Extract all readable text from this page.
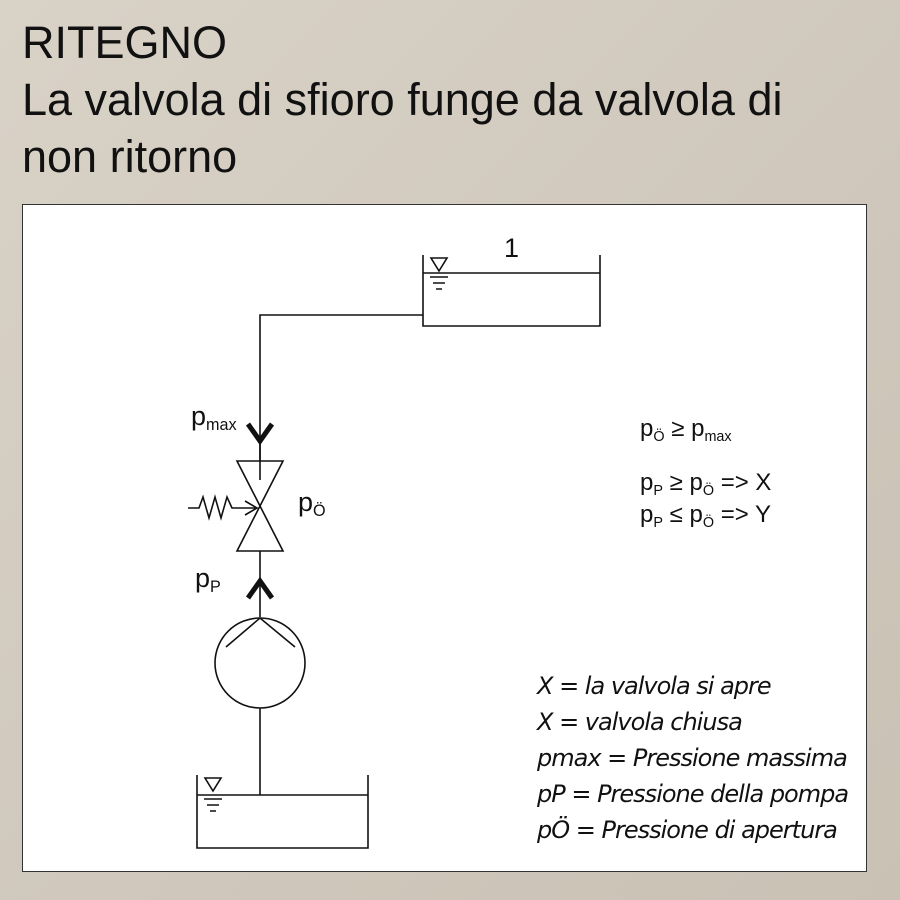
RITEGNO
La valvola di sfioro funge da valvola di
non ritorno
1
$p_{max}$
$p_Ö$
$p_P$
$p_Ö \ge p_{max}$
$p_P \ge p_Ö => X$
$p_P \le p_Ö => Y$
X = la valvola si apre
X = valvola chiusa
pmax = Pressione massima
pP = Pressione della pompa
pÖ = Pressione di apertura
